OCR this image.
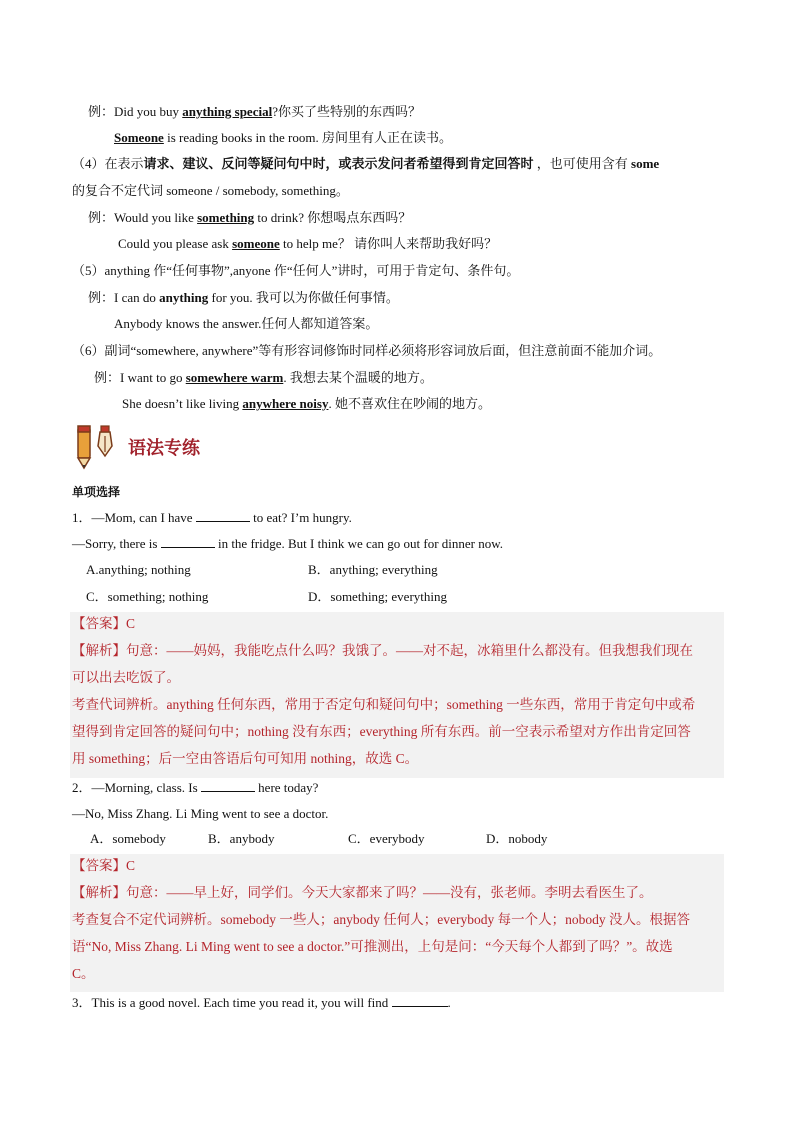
例：Did you buy anything special?你买了些特别的东西吗？
Someone is reading books in the room. 房间里有人正在读书。
（4）在表示请求、建议、反问等疑问句中时，或表示发问者希望得到肯定回答时 ，也可使用含有 some
的复合不定代词 someone / somebody, something。
例：Would you like something to drink? 你想喝点东西吗？
Could you please ask someone to help me？ 请你叫人来帮助我好吗？
（5）anything 作“任何事物”,anyone 作“任何人”讲时，可用于肯定句、条件句。
例：I can do anything for you. 我可以为你做任何事情。
Anybody knows the answer.任何人都知道答案。
（6）副词“somewhere, anywhere”等有形容词修饰时同样必须将形容词放后面，但注意前面不能加介词。
例：I want to go somewhere warm. 我想去某个温暖的地方。
She doesn’t like living anywhere noisy. 她不喜欢住在吵闹的地方。
语法专练
单项选择
1．—Mom, can I have	to eat? I’m hungry.
—Sorry, there is	in the fridge. But I think we can go out for dinner now.
A.anything; nothing	B．anything; everything
C．something; nothing	D．something; everything
【答案】C
【解析】句意：——妈妈，我能吃点什么吗？我饿了。——对不起，冰箱里什么都没有。但我想我们现在
可以出去吃饭了。
考查代词辨析。anything 任何东西，常用于否定句和疑问句中；something 一些东西，常用于肯定句中或希
望得到肯定回答的疑问句中；nothing 没有东西；everything 所有东西。前一空表示希望对方作出肯定回答
用 something；后一空由答语后句可知用 nothing，故选 C。
2．—Morning, class. Is	here today?
—No, Miss Zhang. Li Ming went to see a doctor.
A．somebody	B．anybody	C．everybody	D．nobody
【答案】C
【解析】句意：——早上好，同学们。今天大家都来了吗？——没有，张老师。李明去看医生了。
考查复合不定代词辨析。somebody 一些人；anybody 任何人；everybody 每一个人；nobody 没人。根据答
语“No, Miss Zhang. Li Ming went to see a doctor.”可推测出，上句是问：“今天每个人都到了吗？”。故选
C。
3．This is a good novel. Each time you read it, you will find	.
